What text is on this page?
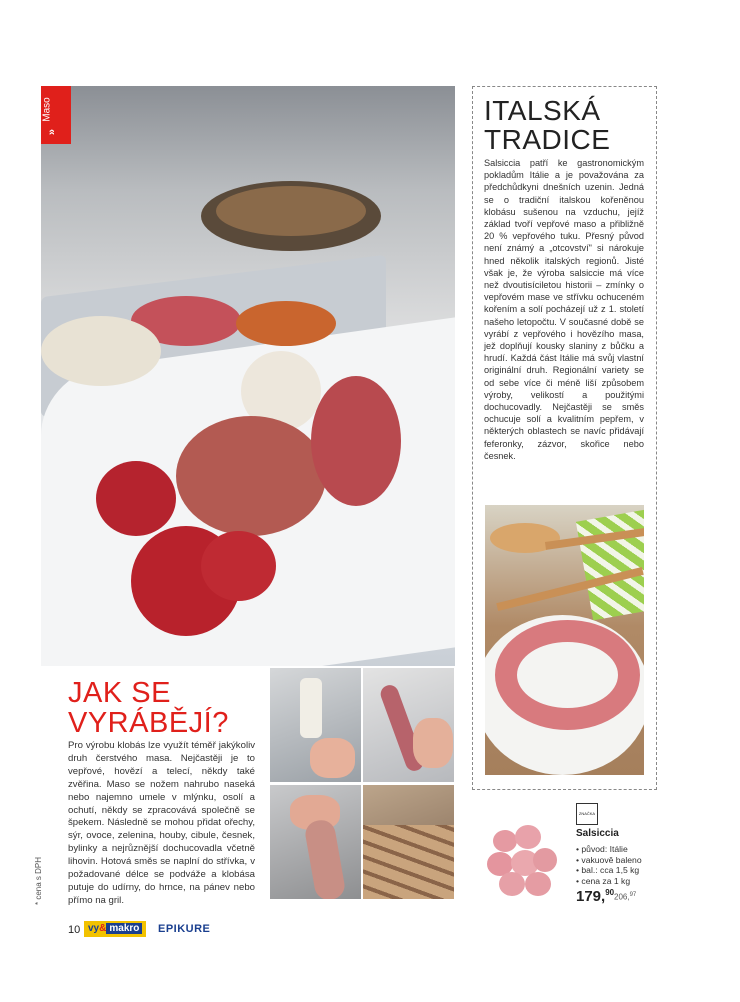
Maso
»
ITALSKÁ
TRADICE

Salsiccia patří ke gastronomickým pokladům Itálie a je považována za předchůdkyni dnešních uzenin. Jedná se o tradiční italskou kořeněnou klobásu sušenou na vzduchu, jejíž základ tvoří vepřové maso a přibližně 20 % vepřového tuku. Přesný původ není známý a „otcovství" si nárokuje hned několik italských regionů. Jisté však je, že výroba salsiccie má více než dvoutisíciletou historii – zmínky o vepřovém mase ve střívku ochuceném kořením a solí pocházejí už z 1. století našeho letopočtu. V současné době se vyrábí z vepřového i hovězího masa, jež doplňují kousky slaniny z bůčku a hrudí. Každá část Itálie má svůj vlastní originální druh. Regionální variety se od sebe více či méně liší způsobem výroby, velikostí a použitými dochucovadly. Nejčastěji se směs ochucuje solí a kvalitním pepřem, v některých oblastech se navíc přidávají feferonky, zázvor, skořice nebo česnek.

JAK SE
VYRÁBĚJÍ?

Pro výrobu klobás lze využít téměř jakýkoliv druh čerstvého masa. Nejčastěji je to vepřové, hovězí a telecí, někdy také zvěřina. Maso se nožem nahrubo naseká nebo najemno umele v mlýnku, osolí a ochutí, někdy se zpracovává společně se špekem. Následně se mohou přidat ořechy, sýr, ovoce, zelenina, houby, cibule, česnek, bylinky a nejrůznější dochucovadla včetně lihovin. Hotová směs se naplní do střívka, v požadované délce se podváže a klobása putuje do udírny, do hrnce, na pánev nebo přímo na gril.

* cena s DPH
ZNAČKA
Salsiccia
• původ: Itálie
• vakuově baleno
• bal.: cca 1,5 kg
• cena za 1 kg
179,90
206,97
10 vy& makro	EPIKURE
